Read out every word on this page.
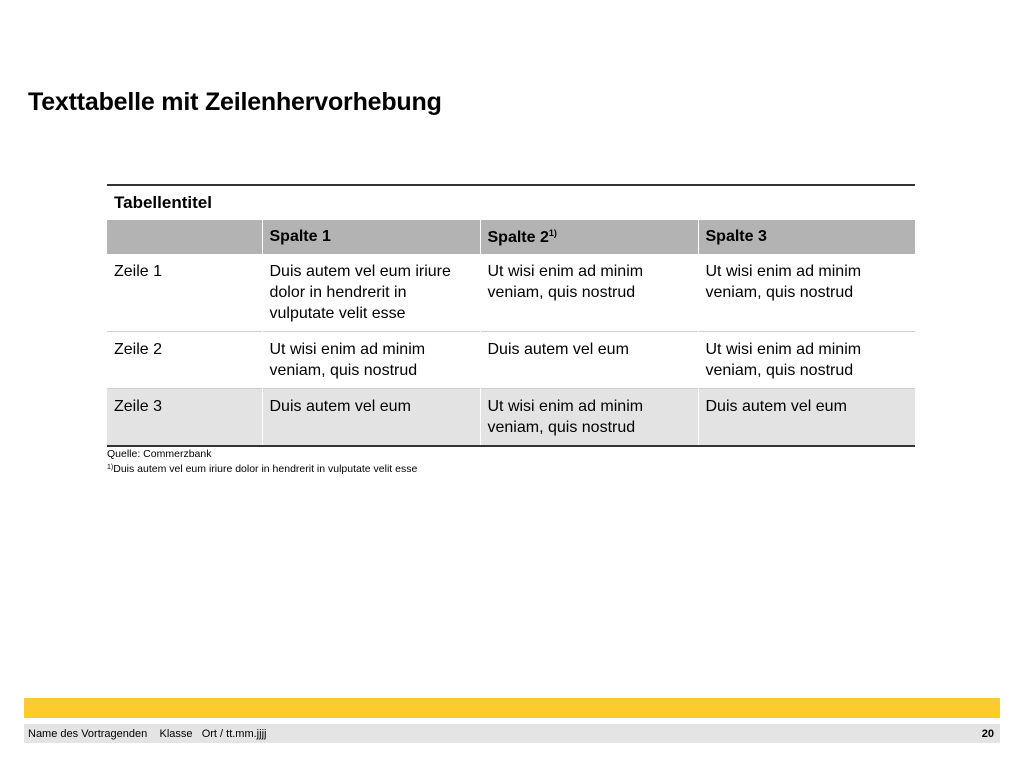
Texttabelle mit Zeilenhervorhebung
Tabellentitel
	Spalte 1	Spalte 2$^{1)}$	Spalte 3
Zeile 1	Duis autem vel eum iriure dolor in hendrerit in vulputate velit esse	Ut wisi enim ad minim veniam, quis nostrud	Ut wisi enim ad minim veniam, quis nostrud
Zeile 2	Ut wisi enim ad minim veniam, quis nostrud	Duis autem vel eum	Ut wisi enim ad minim veniam, quis nostrud
Zeile 3	Duis autem vel eum	Ut wisi enim ad minim veniam, quis nostrud	Duis autem vel eum
Quelle: Commerzbank
$^{1)}$Duis autem vel eum iriure dolor in hendrerit in vulputate velit esse
Name des Vortragenden Klasse Ort / tt.mm.jjjj	20
